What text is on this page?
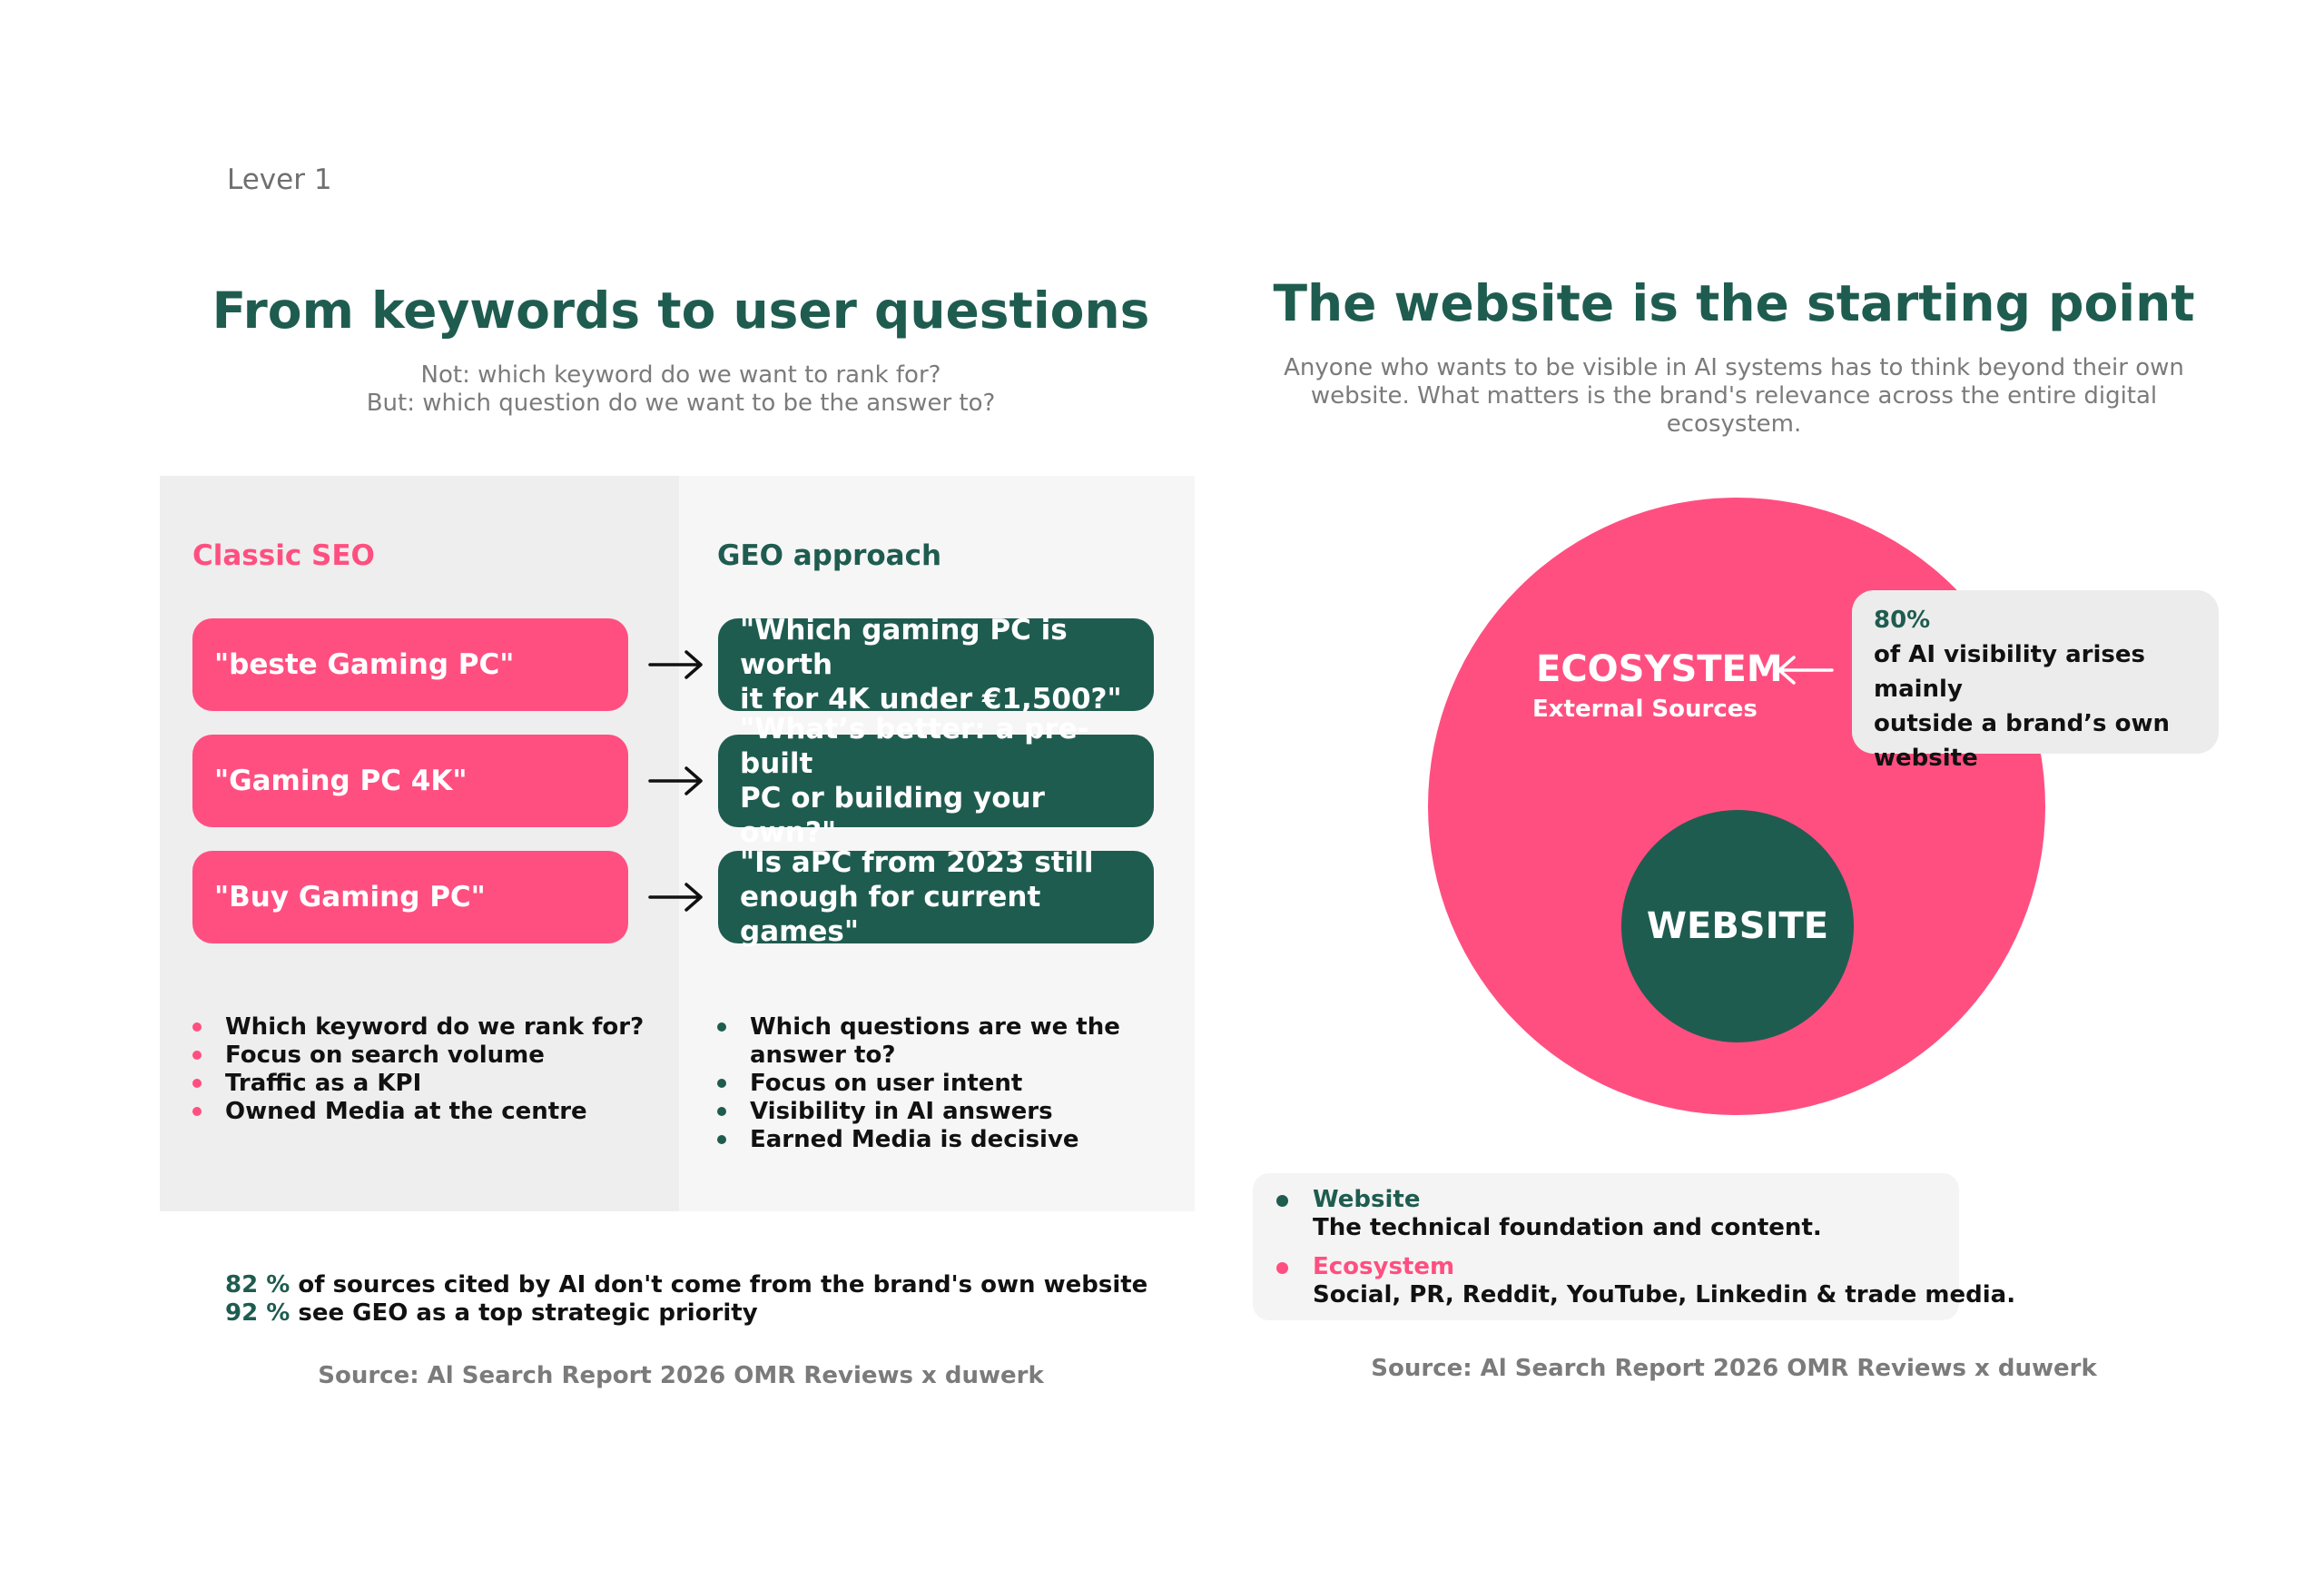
Lever 1
From keywords to user questions
Not: which keyword do we want to rank for?
But: which question do we want to be the answer to?
Classic SEO	GEO approach
"beste Gaming PC"
"Gaming PC 4K"
"Buy Gaming PC"
"Which gaming PC is worth
it for 4K under €1,500?"
"What’s better: a pre-built
PC or building your own?"
"Is aPC from 2023 still
enough for current games"
Which keyword do we rank for?
Focus on search volume
Traffic as a KPI
Owned Media at the centre
Which questions are we the
answer to?
Focus on user intent
Visibility in AI answers
Earned Media is decisive
82 % of sources cited by AI don't come from the brand's own website
92 % see GEO as a top strategic priority
Source: Al Search Report 2026 OMR Reviews x duwerk
The website is the starting point
Anyone who wants to be visible in AI systems has to think beyond their own
website. What matters is the brand's relevance across the entire digital
ecosystem.
ECOSYSTEM
External Sources
WEBSITE
80%
of AI visibility arises mainly
outside a brand’s own
website
Website
The technical foundation and content.
Ecosystem
Social, PR, Reddit, YouTube, Linkedin & trade media.
Source: Al Search Report 2026 OMR Reviews x duwerk
